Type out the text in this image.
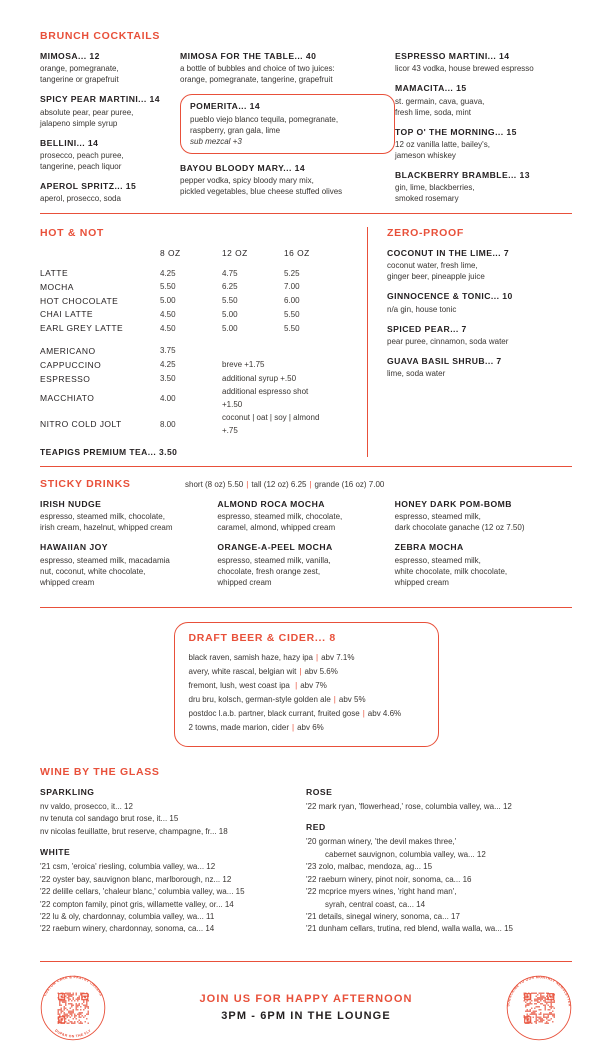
BRUNCH COCKTAILS
MIMOSA... 12
orange, pomegranate,
tangerine or grapefruit
SPICY PEAR MARTINI... 14
absolute pear, pear puree,
jalapeno simple syrup
BELLINI... 14
prosecco, peach puree,
tangerine, peach liquor
APEROL SPRITZ... 15
aperol, prosecco, soda
MIMOSA FOR THE TABLE... 40
a bottle of bubbles and choice of two juices:
orange, pomegranate, tangerine, grapefruit
POMERITA... 14
pueblo viejo blanco tequila, pomegranate,
raspberry, gran gala, lime
sub mezcal +3
BAYOU BLOODY MARY... 14
pepper vodka, spicy bloody mary mix,
pickled vegetables, blue cheese stuffed olives
ESPRESSO MARTINI... 14
licor 43 vodka, house brewed espresso
MAMACITA... 15
st. germain, cava, guava,
fresh lime, soda, mint
TOP O' THE MORNING... 15
12 oz vanilla latte, bailey's,
jameson whiskey
BLACKBERRY BRAMBLE... 13
gin, lime, blackberries,
smoked rosemary
HOT & NOT
	8 OZ	12 OZ	16 OZ
LATTE	4.25	4.75	5.25
MOCHA	5.50	6.25	7.00
HOT CHOCOLATE	5.00	5.50	6.00
CHAI LATTE	4.50	5.00	5.50
EARL GREY LATTE	4.50	5.00	5.50

AMERICANO	3.75		
CAPPUCCINO	4.25	breve +1.75	
ESPRESSO	3.50	additional syrup +.50	
MACCHIATO	4.00	additional espresso shot +1.50	
NITRO COLD JOLT	8.00	coconut | oat | soy | almond +.75	

TEAPIGS PREMIUM TEA... 3.50

ZERO-PROOF
COCONUT IN THE LIME... 7
coconut water, fresh lime,
ginger beer, pineapple juice
GINNOCENCE & TONIC... 10
n/a gin, house tonic
SPICED PEAR... 7
pear puree, cinnamon, soda water
GUAVA BASIL SHRUB... 7
lime, soda water
STICKY DRINKS	short (8 oz) 5.50 | tall (12 oz) 6.25 | grande (16 oz) 7.00
IRISH NUDGE
espresso, steamed milk, chocolate,
irish cream, hazelnut, whipped cream
HAWAIIAN JOY
espresso, steamed milk, macadamia
nut, coconut, white chocolate,
whipped cream
ALMOND ROCA MOCHA
espresso, steamed milk, chocolate,
caramel, almond, whipped cream
ORANGE-A-PEEL MOCHA
espresso, steamed milk, vanilla,
chocolate, fresh orange zest,
whipped cream
HONEY DARK POM-BOMB
espresso, steamed milk,
dark chocolate ganache (12 oz 7.50)
ZEBRA MOCHA
espresso, steamed milk,
white chocolate, milk chocolate,
whipped cream
DRAFT BEER & CIDER... 8
black raven, samish haze, hazy ipa | abv 7.1%
avery, white rascal, belgian wit | abv 5.6%
fremont, lush, west coast ipa | abv 7%
dru bru, kolsch, german-style golden ale | abv 5%
postdoc l.a.b. partner, black currant, fruited gose | abv 4.6%
2 towns, made marion, cider | abv 6%
WINE BY THE GLASS
SPARKLING
nv valdo, prosecco, it... 12
nv tenuta col sandago brut rose, it... 15
nv nicolas feuillatte, brut reserve, champagne, fr... 18
WHITE
'21 csm, 'eroica' riesling, columbia valley, wa... 12
'22 oyster bay, sauvignon blanc, marlborough, nz... 12
'22 delille cellars, 'chaleur blanc,' columbia valley, wa... 15
'22 compton family, pinot gris, willamette valley, or... 14
'22 lu & oly, chardonnay, columbia valley, wa... 11
'22 raeburn winery, chardonnay, sonoma, ca... 14
ROSE
'22 mark ryan, 'flowerhead,' rose, columbia valley, wa... 12
RED
'20 gorman winery, 'the devil makes three,'
cabernet sauvignon, columbia valley, wa... 12
'23 zolo, malbac, mendoza, ag... 15
'22 raeburn winery, pinot noir, sonoma, ca... 16
'22 mcprice myers wines, 'right hand man',
syrah, central coast, ca... 14
'21 details, sinegal winery, sonoma, ca... 17
'21 dunham cellars, trutina, red blend, walla walla, wa... 15
CUSTOM CAKE & PASTRY ORDERS
DUPAR ON THE FLY
JOIN US FOR HAPPY AFTERNOON
3PM - 6PM IN THE LOUNGE
SUBSCRIBE TO OUR MONTHLY NEWSLETTER
